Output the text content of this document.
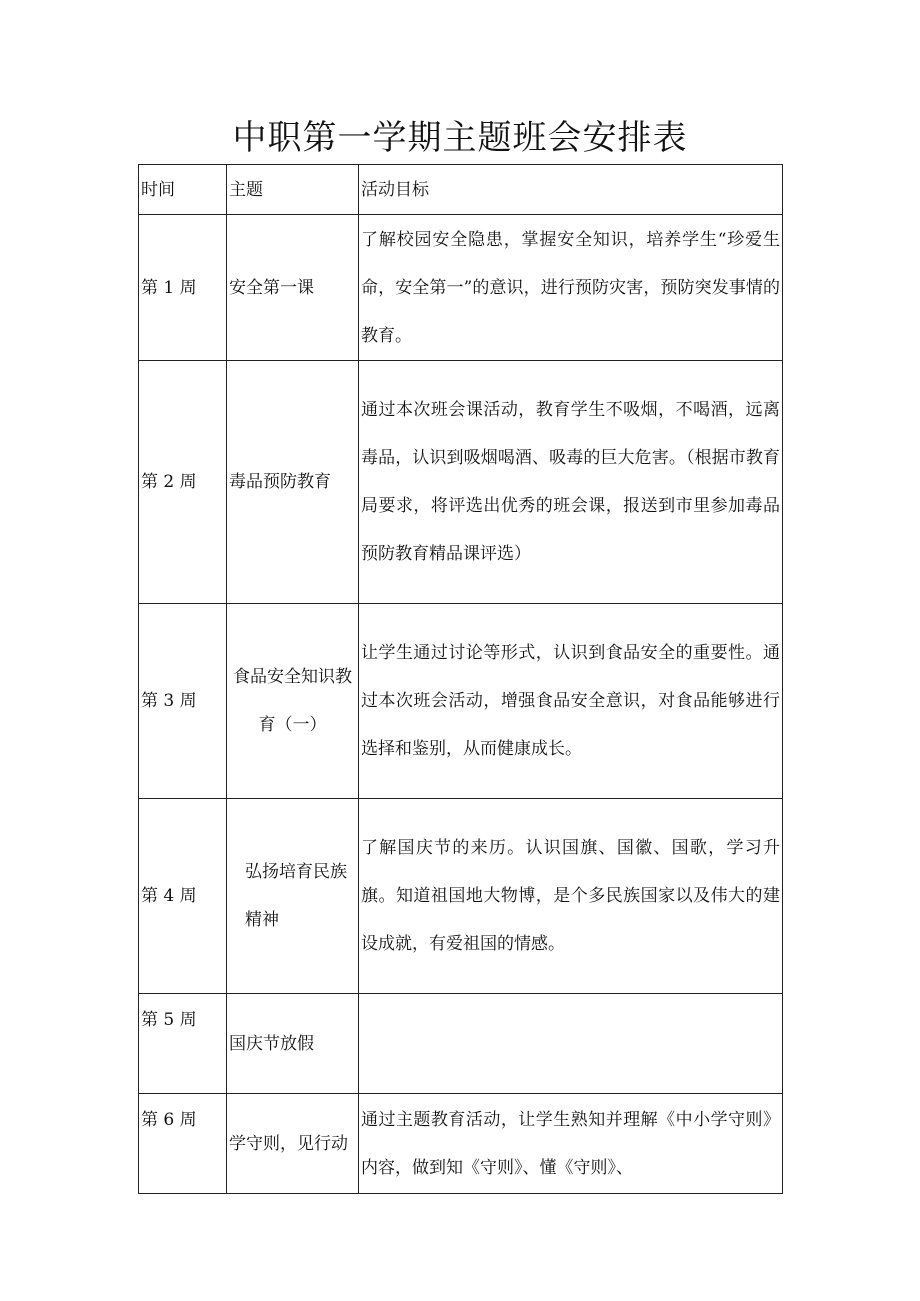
中职第一学期主题班会安排表
时间	主题	活动目标
第 1 周	安全第一课	了解校园安全隐患，掌握安全知识，培养学生“珍爱生命，安全第一”的意识，进行预防灾害，预防突发事情的教育。
第 2 周	毒品预防教育	通过本次班会课活动，教育学生不吸烟，不喝酒，远离毒品，认识到吸烟喝酒、吸毒的巨大危害。（根据市教育局要求，将评选出优秀的班会课，报送到市里参加毒品预防教育精品课评选）
第 3 周	食品安全知识教育（一）	让学生通过讨论等形式，认识到食品安全的重要性。通过本次班会活动，增强食品安全意识，对食品能够进行选择和鉴别，从而健康成长。
第 4 周	弘扬培育民族精神	了解国庆节的来历。认识国旗、国徽、国歌，学习升旗。知道祖国地大物博，是个多民族国家以及伟大的建设成就，有爱祖国的情感。
第 5 周	国庆节放假	
第 6 周	学守则，见行动	通过主题教育活动，让学生熟知并理解《中小学守则》内容，做到知《守则》、懂《守则》、
